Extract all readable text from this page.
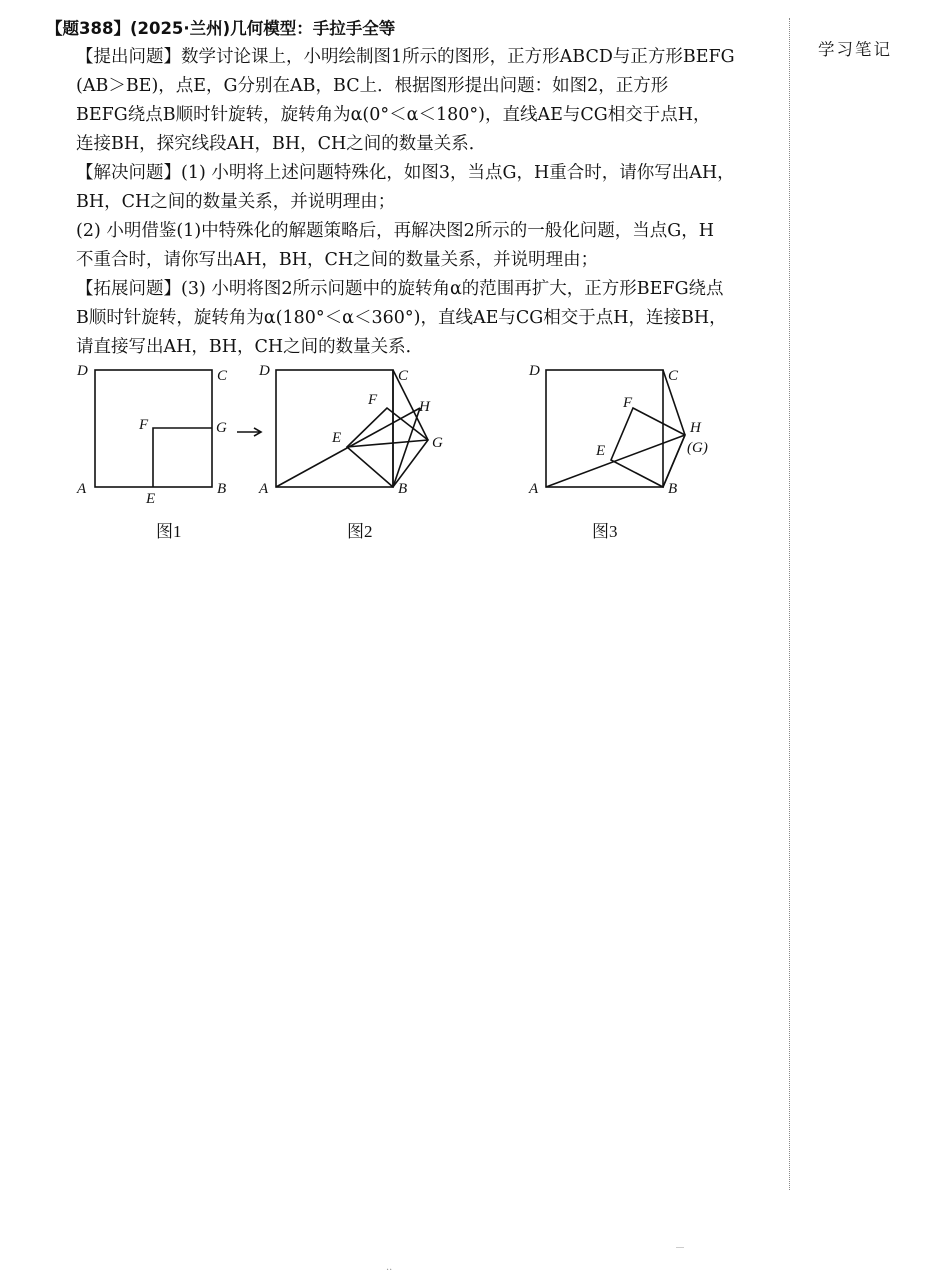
学习笔记
【题388】(2025·兰州)几何模型：手拉手全等
【提出问题】数学讨论课上，小明绘制图1所示的图形，正方形ABCD与正方形BEFG
(AB＞BE)，点E，G分别在AB，BC上．根据图形提出问题：如图2，正方形
BEFG绕点B顺时针旋转，旋转角为α(0°＜α＜180°)，直线AE与CG相交于点H，
连接BH，探究线段AH，BH，CH之间的数量关系．
【解决问题】(1) 小明将上述问题特殊化，如图3，当点G，H重合时，请你写出AH，
BH，CH之间的数量关系，并说明理由；
(2) 小明借鉴(1)中特殊化的解题策略后，再解决图2所示的一般化问题，当点G，H
不重合时，请你写出AH，BH，CH之间的数量关系，并说明理由；
【拓展问题】(3) 小明将图2所示问题中的旋转角α的范围再扩大，正方形BEFG绕点
B顺时针旋转，旋转角为α(180°＜α＜360°)，直线AE与CG相交于点H，连接BH，
请直接写出AH，BH，CH之间的数量关系．
D	C
A	B
E
F	G
D	C
A	B
E
F
G
H
D	C
A	B
E
F
H
(G)
图1	图2	图3
··
